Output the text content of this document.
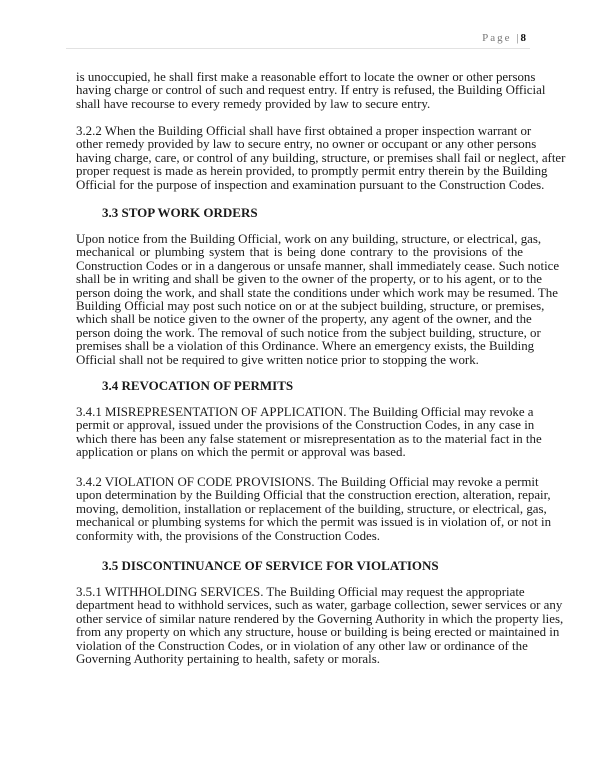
Page |8
is unoccupied, he shall first make a reasonable effort to locate the owner or other persons
having charge or control of such and request entry. If entry is refused, the Building Official
shall have recourse to every remedy provided by law to secure entry.
3.2.2 When the Building Official shall have first obtained a proper inspection warrant or
other remedy provided by law to secure entry, no owner or occupant or any other persons
having charge, care, or control of any building, structure, or premises shall fail or neglect, after
proper request is made as herein provided, to promptly permit entry therein by the Building
Official for the purpose of inspection and examination pursuant to the Construction Codes.
3.3 STOP WORK ORDERS
Upon notice from the Building Official, work on any building, structure, or electrical, gas,
mechanical or plumbing system that is being done contrary to the provisions of the
Construction Codes or in a dangerous or unsafe manner, shall immediately cease. Such notice
shall be in writing and shall be given to the owner of the property, or to his agent, or to the
person doing the work, and shall state the conditions under which work may be resumed. The
Building Official may post such notice on or at the subject building, structure, or premises,
which shall be notice given to the owner of the property, any agent of the owner, and the
person doing the work. The removal of such notice from the subject building, structure, or
premises shall be a violation of this Ordinance. Where an emergency exists, the Building
Official shall not be required to give written notice prior to stopping the work.
3.4 REVOCATION OF PERMITS
3.4.1 MISREPRESENTATION OF APPLICATION. The Building Official may revoke a
permit or approval, issued under the provisions of the Construction Codes, in any case in
which there has been any false statement or misrepresentation as to the material fact in the
application or plans on which the permit or approval was based.
3.4.2 VIOLATION OF CODE PROVISIONS. The Building Official may revoke a permit
upon determination by the Building Official that the construction erection, alteration, repair,
moving, demolition, installation or replacement of the building, structure, or electrical, gas,
mechanical or plumbing systems for which the permit was issued is in violation of, or not in
conformity with, the provisions of the Construction Codes.
3.5 DISCONTINUANCE OF SERVICE FOR VIOLATIONS
3.5.1 WITHHOLDING SERVICES. The Building Official may request the appropriate
department head to withhold services, such as water, garbage collection, sewer services or any
other service of similar nature rendered by the Governing Authority in which the property lies,
from any property on which any structure, house or building is being erected or maintained in
violation of the Construction Codes, or in violation of any other law or ordinance of the
Governing Authority pertaining to health, safety or morals.
